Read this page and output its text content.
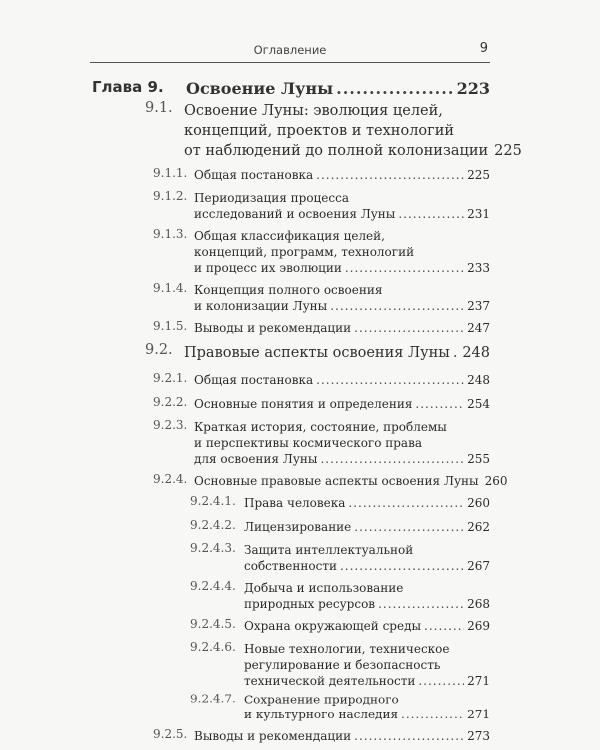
Оглавление	9
Глава 9. Освоение Луны .....	223
9.1. Освоение Луны: эволюция целей,
концепций, проектов и технологий
от наблюдений до полной колонизации 225
9.1.1. Общая постановка .....	225
9.1.2. Периодизация процесса
исследований и освоения Луны .....	231
9.1.3. Общая классификация целей,
концепций, программ, технологий
и процесс их эволюции .....	233
9.1.4. Концепция полного освоения
и колонизации Луны .....	237
9.1.5. Выводы и рекомендации .....	247
9.2. Правовые аспекты освоения Луны ..... 248
9.2.1. Общая постановка .....	248
9.2.2. Основные понятия и определения .....	254
9.2.3. Краткая история, состояние, проблемы
и перспективы космического права
для освоения Луны .....	255
9.2.4. Основные правовые аспекты освоения Луны 260
9.2.4.1. Права человека .....	260
9.2.4.2. Лицензирование .....	262
9.2.4.3. Защита интеллектуальной
собственности .....	267
9.2.4.4. Добыча и использование
природных ресурсов .....	268
9.2.4.5. Охрана окружающей среды .....	269
9.2.4.6. Новые технологии, техническое
регулирование и безопасность
технической деятельности .....	271
9.2.4.7. Сохранение природного
и культурного наследия .....	271
9.2.5. Выводы и рекомендации .....	273
